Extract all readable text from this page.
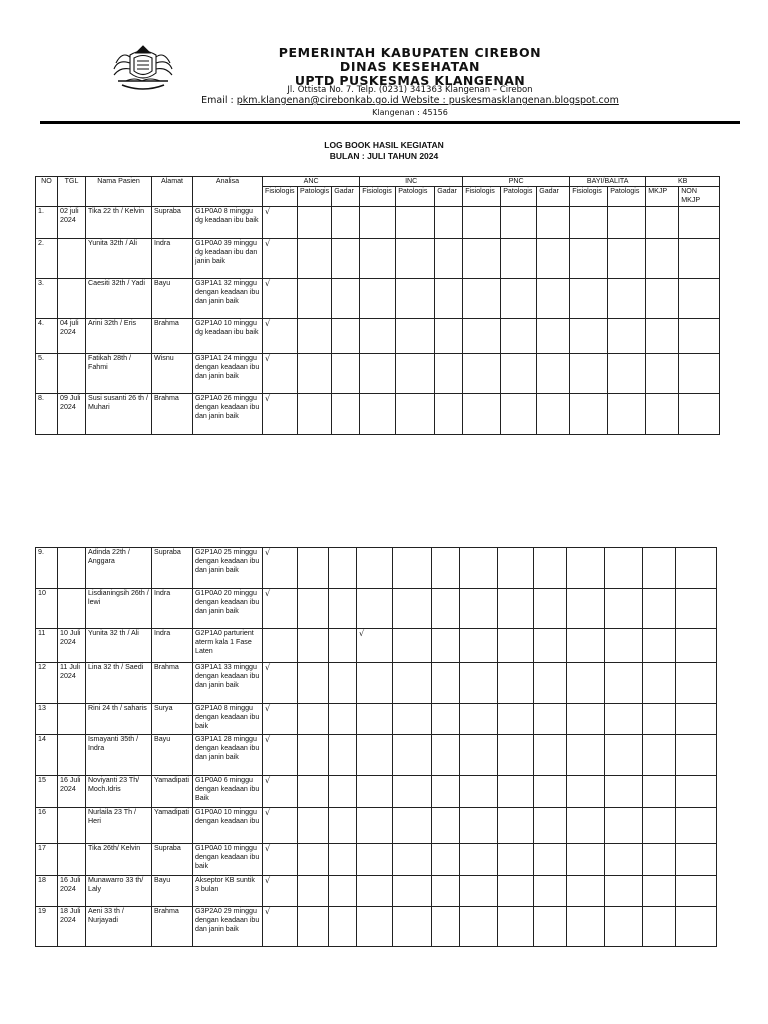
PEMERINTAH KABUPATEN CIREBON
DINAS KESEHATAN
UPTD PUSKESMAS KLANGENAN
Jl. Ottista No. 7. Telp. (0231) 341363 Klangenan – Cirebon
Email : pkm.klangenan@cirebonkab.go.id Website : puskesmasklangenan.blogspot.com
Klangenan : 45156
LOG BOOK HASIL KEGIATAN
BULAN : JULI TAHUN 2024
NO	TGL	Nama Pasien	Alamat	Analisa	ANC			INC			PNC			BAYI/BALITA		KB	
					Fisiologis	Patologis	Gadar	Fisiologis	Patologis	Gadar	Fisiologis	Patologis	Gadar	Fisiologis	Patologis	MKJP	NON MKJP
1.	02 juli 2024	Tika 22 th / Kelvin	Supraba	G1P0A0 8 minggu dg keadaan ibu baik	√												
2.		Yunita 32th / Ali	Indra	G1P0A0 39 minggu dg keadaan ibu dan janin baik	√												
3.		Caesiti 32th / Yadi	Bayu	G3P1A1 32 minggu dengan keadaan ibu dan janin baik	√												
4.	04 juli 2024	Arini 32th / Eris	Brahma	G2P1A0 10 minggu dg keadaan ibu baik	√												
5.		Fatikah 28th / Fahmi	Wisnu	G3P1A1 24 minggu dengan keadaan ibu dan janin baik	√												
8.	09 Juli 2024	Susi susanti 26 th / Muhari	Brahma	G2P1A0 26 minggu dengan keadaan ibu dan janin baik	√												
9.		Adinda 22th / Anggara	Supraba	G2P1A0 25 minggu dengan keadaan ibu dan janin baik	√												
10		Lisdianingsih 26th / lewi	Indra	G1P0A0 20 minggu dengan keadaan ibu dan janin baik	√												
11	10 Juli 2024	Yunita 32 th / Ali	Indra	G2P1A0 parturient aterm kala 1 Fase Laten				√									
12	11 Juli 2024	Lina 32 th / Saedi	Brahma	G3P1A1 33 minggu dengan keadaan ibu dan janin baik	√												
13		Rini 24 th / saharis	Surya	G2P1A0 8 minggu dengan keadaan ibu baik	√												
14		Ismayanti 35th / Indra	Bayu	G3P1A1 28 minggu dengan keadaan ibu dan janin baik	√												
15	16 Juli 2024	Noviyanti 23 Th/ Moch.Idris	Yamadipati	G1P0A0 6 minggu dengan keadaan ibu Baik	√												
16		Nurlaila 23 Th / Heri	Yamadipati	G1P0A0 10 minggu dengan keadaan ibu	√												
17		Tika 26th/ Kelvin	Supraba	G1P0A0 10 minggu dengan keadaan ibu baik	√												
18	16 Juli 2024	Munawarro 33 th/ Laly	Bayu	Akseptor KB suntik 3 bulan	√												
19	18 Juli 2024	Aeni 33 th / Nurjayadi	Brahma	G3P2A0 29 minggu dengan keadaan ibu dan janin baik	√												
